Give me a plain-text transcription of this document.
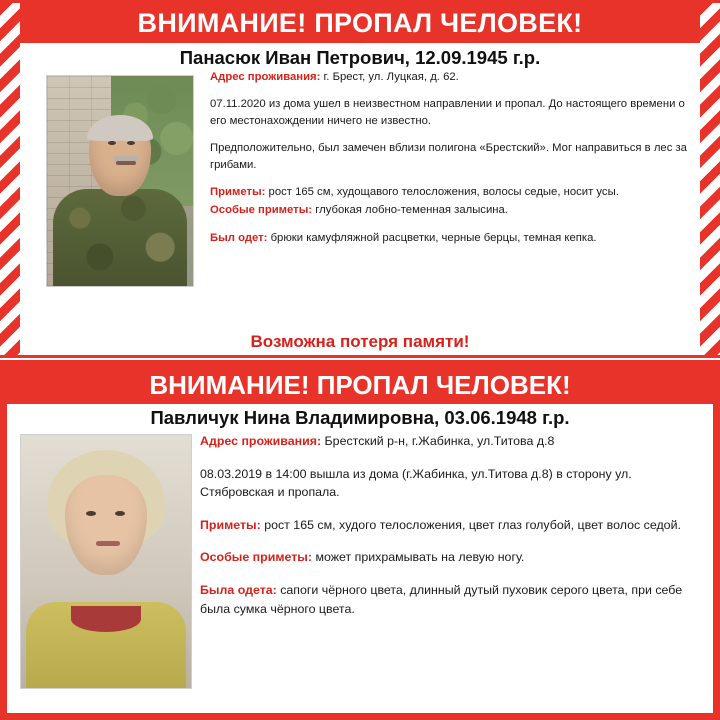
ВНИМАНИЕ! ПРОПАЛ ЧЕЛОВЕК!
Панасюк Иван Петрович, 12.09.1945 г.р.

Адрес проживания: г. Брест, ул. Луцкая, д. 62.

07.11.2020 из дома ушел в неизвестном направлении и пропал. До настоящего времени о его местонахождении ничего не известно.

Предположительно, был замечен вблизи полигона «Брестский». Мог направиться в лес за грибами.

Приметы: рост 165 см, худощавого телосложения, волосы седые, носит усы.

Особые приметы: глубокая лобно-теменная залысина.

Был одет: брюки камуфляжной расцветки, черные берцы, темная кепка.

Возможна потеря памяти!
ВНИМАНИЕ! ПРОПАЛ ЧЕЛОВЕК!
Павличук Нина Владимировна, 03.06.1948 г.р.

Адрес проживания: Брестский р-н, г.Жабинка, ул.Титова д.8

08.03.2019 в 14:00 вышла из дома (г.Жабинка, ул.Титова д.8) в сторону ул. Стябровская и пропала.

Приметы: рост 165 см, худого телосложения, цвет глаз голубой, цвет волос седой.

Особые приметы: может прихрамывать на левую ногу.

Была одета: сапоги чёрного цвета, длинный дутый пуховик серого цвета, при себе была сумка чёрного цвета.
